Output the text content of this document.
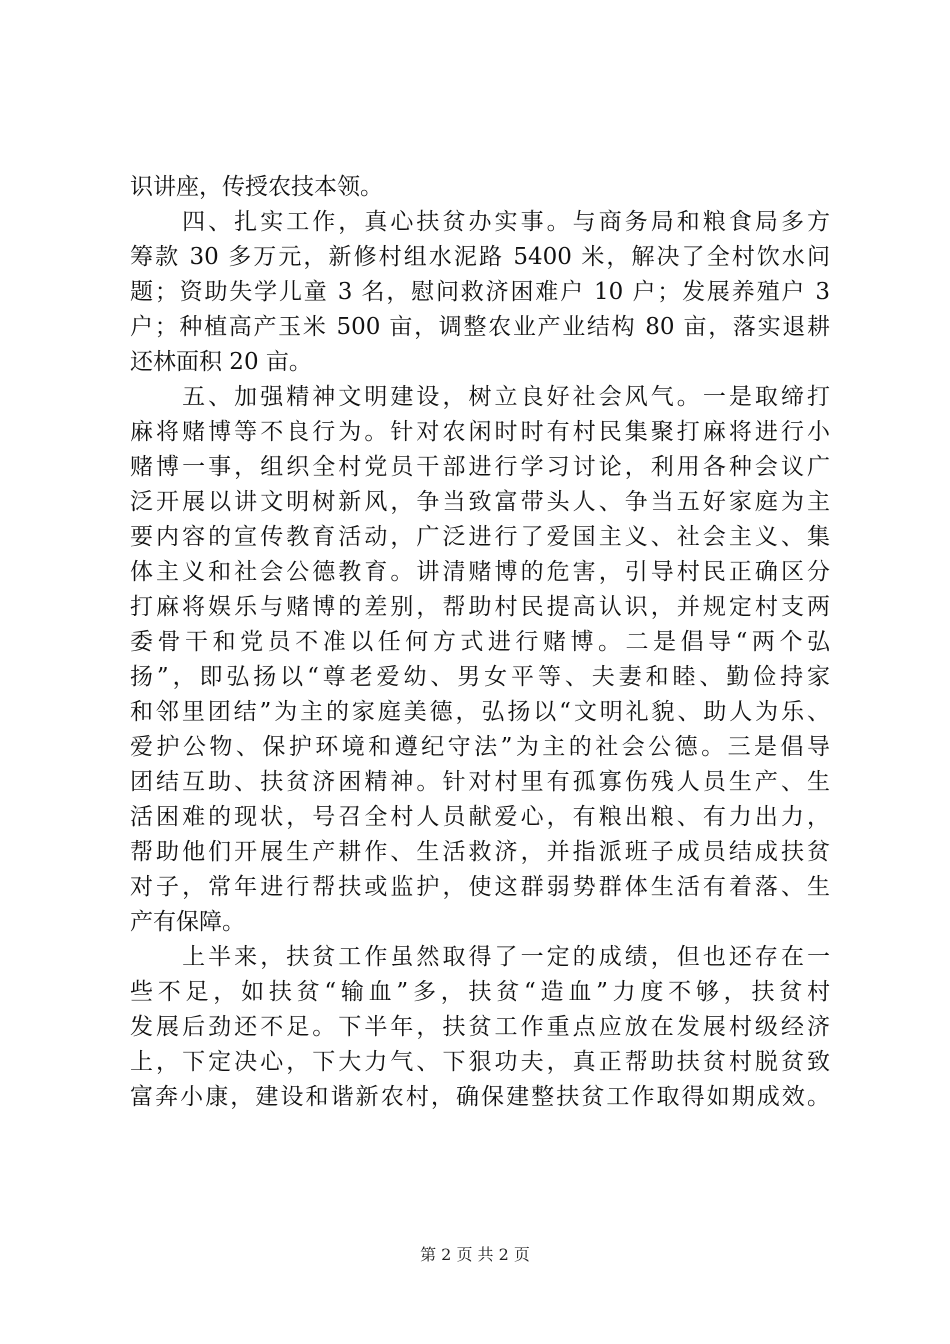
识讲座，传授农技本领。
　　四、扎实工作，真心扶贫办实事。与商务局和粮食局多方
筹款 30 多万元，新修村组水泥路 5400 米，解决了全村饮水问
题；资助失学儿童 3 名，慰问救济困难户 10 户；发展养殖户 3
户；种植高产玉米 500 亩，调整农业产业结构 80 亩，落实退耕
还林面积 20 亩。
　　五、加强精神文明建设，树立良好社会风气。一是取缔打
麻将赌博等不良行为。针对农闲时时有村民集聚打麻将进行小
赌博一事，组织全村党员干部进行学习讨论，利用各种会议广
泛开展以讲文明树新风，争当致富带头人、争当五好家庭为主
要内容的宣传教育活动，广泛进行了爱国主义、社会主义、集
体主义和社会公德教育。讲清赌博的危害，引导村民正确区分
打麻将娱乐与赌博的差别，帮助村民提高认识，并规定村支两
委骨干和党员不准以任何方式进行赌博。二是倡导“两个弘
扬”，即弘扬以“尊老爱幼、男女平等、夫妻和睦、勤俭持家
和邻里团结”为主的家庭美德，弘扬以“文明礼貌、助人为乐、
爱护公物、保护环境和遵纪守法”为主的社会公德。三是倡导
团结互助、扶贫济困精神。针对村里有孤寡伤残人员生产、生
活困难的现状，号召全村人员献爱心，有粮出粮、有力出力，
帮助他们开展生产耕作、生活救济，并指派班子成员结成扶贫
对子，常年进行帮扶或监护，使这群弱势群体生活有着落、生
产有保障。
　　上半来，扶贫工作虽然取得了一定的成绩，但也还存在一
些不足，如扶贫“输血”多，扶贫“造血”力度不够，扶贫村
发展后劲还不足。下半年，扶贫工作重点应放在发展村级经济
上，下定决心，下大力气、下狠功夫，真正帮助扶贫村脱贫致
富奔小康，建设和谐新农村，确保建整扶贫工作取得如期成效。
第 2 页 共 2 页
